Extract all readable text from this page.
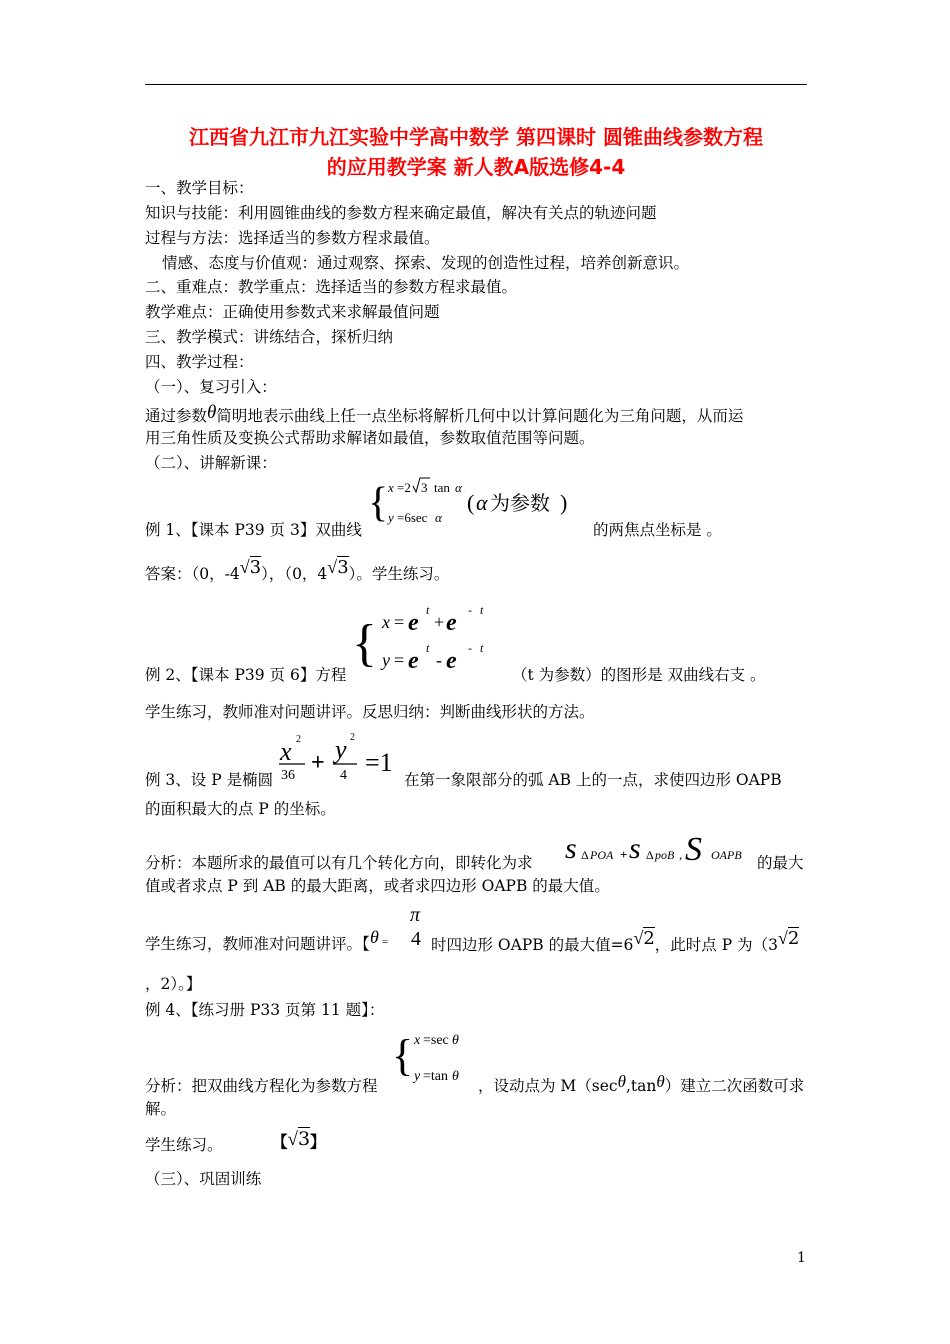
江西省九江市九江实验中学高中数学 第四课时 圆锥曲线参数方程
的应用教学案 新人教A版选修4-4
一、教学目标：
知识与技能：利用圆锥曲线的参数方程来确定最值，解决有关点的轨迹问题
过程与方法：选择适当的参数方程求最值。
情感、态度与价值观：通过观察、探索、发现的创造性过程，培养创新意识。
二、重难点：教学重点：选择适当的参数方程求最值。
教学难点：正确使用参数式来求解最值问题
三、教学模式：讲练结合，探析归纳
四、教学过程：
（一）、复习引入：
通过参数θ简明地表示曲线上任一点坐标将解析几何中以计算问题化为三角问题，从而运
用三角性质及变换公式帮助求解诸如最值，参数取值范围等问题。
（二）、讲解新课：
例 1、【课本 P39 页 3】双曲线	的两焦点坐标是 。
{ x =2 3 tan α
y =6sec α
( α 为参数 )
答案：（0，-4√3），（0，4√3）。学生练习。
{ x = e t
+ e - t
y = e t
- e - t
例 2、【课本 P39 页 6】方程	（t 为参数）的图形是 双曲线右支 。
学生练习，教师准对问题讲评。反思归纳：判断曲线形状的方法。
x 2
36 + y 2
4 =1
例 3、设 P 是椭圆	在第一象限部分的弧 AB 上的一点，求使四边形 OAPB
的面积最大的点 P 的坐标。
分析：本题所求的最值可以有几个转化方向，即转化为求 s Δ POA + s Δ poB , S OAPB 的最大
值或者求点 P 到 AB 的最大距离，或者求四边形 OAPB 的最大值。
学生练习，教师准对问题讲评。【 θ =
π
4 时四边形 OAPB 的最大值=6√2，此时点 P 为（3√2
，2）。】
例 4、【练习册 P33 页第 11 题】：
{ x =sec θ
y =tan θ
分析：把双曲线方程化为参数方程	，设动点为 M（secθ,tanθ）建立二次函数可求
解。
学生练习。	【√3】
（三）、巩固训练
1
